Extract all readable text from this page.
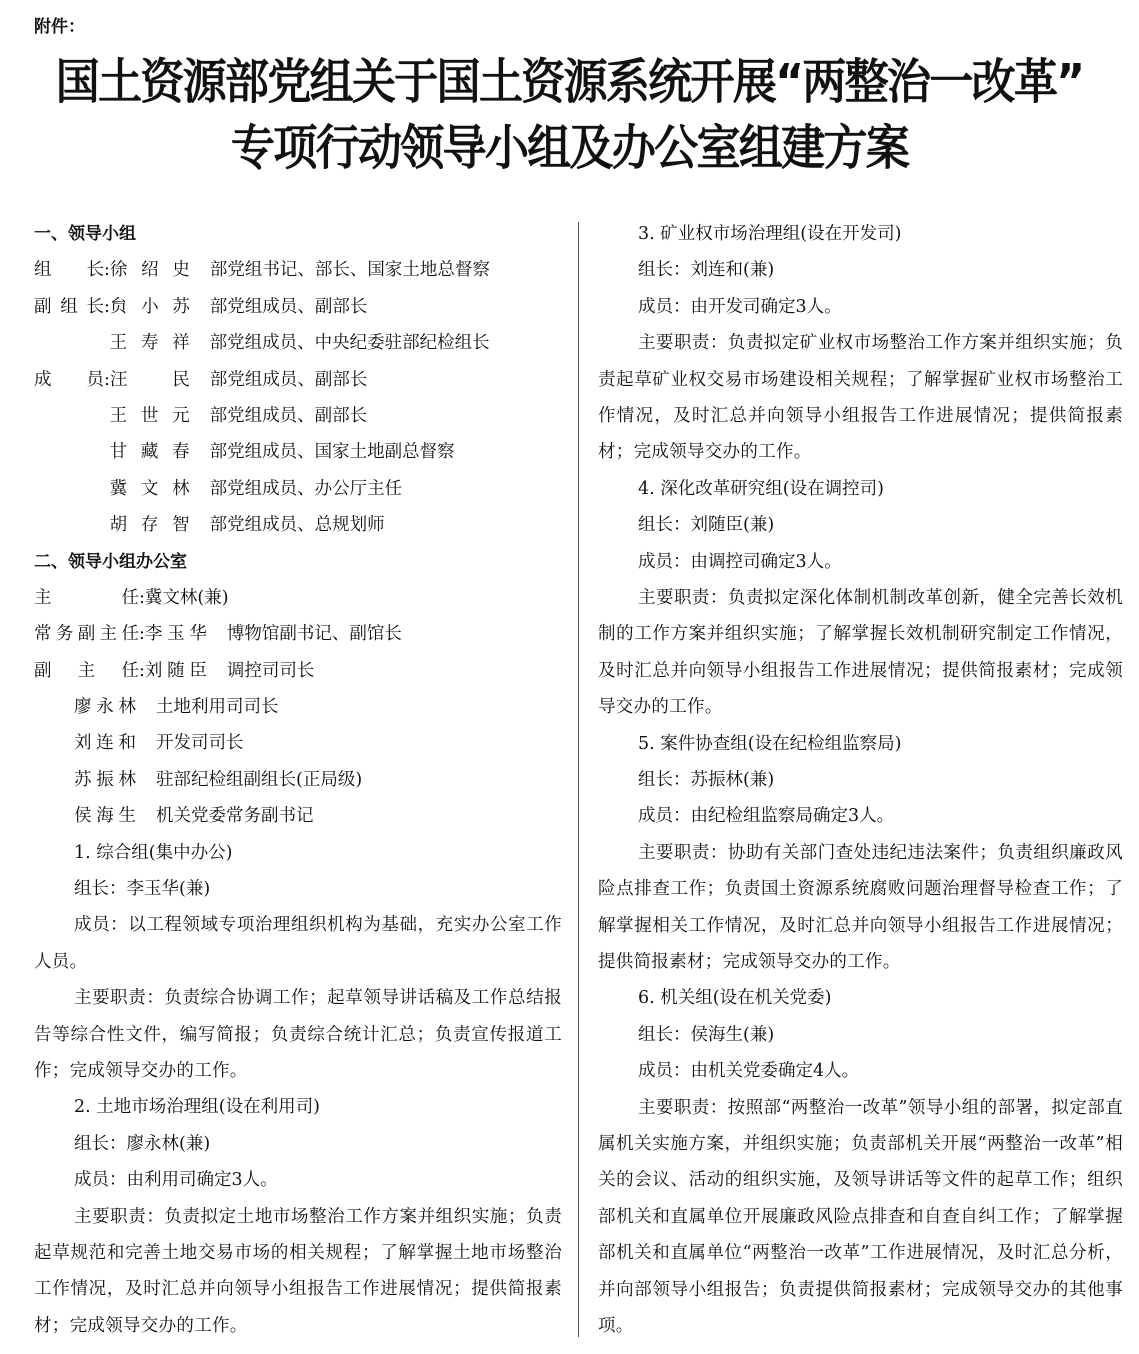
附件：
国土资源部党组关于国土资源系统开展“两整治一改革”
专项行动领导小组及办公室组建方案
一、领导小组
组　长:徐绍史 部党组书记、部长、国家土地总督察
副组长:贠小苏 部党组成员、副部长
王寿祥 部党组成员、中央纪委驻部纪检组长
成　员:汪　民 部党组成员、副部长
王世元 部党组成员、副部长
甘藏春 部党组成员、国家土地副总督察
冀文林 部党组成员、办公厅主任
胡存智 部党组成员、总规划师
二、领导小组办公室
主　　任:冀文林(兼)
常务副主任:李玉华 博物馆副书记、副馆长
副　主　任:刘随臣 调控司司长
廖永林 土地利用司司长
刘连和 开发司司长
苏振林 驻部纪检组副组长(正局级)
侯海生 机关党委常务副书记
1. 综合组(集中办公)
组长：李玉华(兼)

成员：以工程领域专项治理组织机构为基础，充实办公室工作人员。

主要职责：负责综合协调工作；起草领导讲话稿及工作总结报告等综合性文件，编写简报；负责综合统计汇总；负责宣传报道工作；完成领导交办的工作。

2. 土地市场治理组(设在利用司)
组长：廖永林(兼)
成员：由利用司确定3人。

主要职责：负责拟定土地市场整治工作方案并组织实施；负责起草规范和完善土地交易市场的相关规程；了解掌握土地市场整治工作情况，及时汇总并向领导小组报告工作进展情况；提供简报素材；完成领导交办的工作。

3. 矿业权市场治理组(设在开发司)
组长：刘连和(兼)
成员：由开发司确定3人。

主要职责：负责拟定矿业权市场整治工作方案并组织实施；负责起草矿业权交易市场建设相关规程；了解掌握矿业权市场整治工作情况，及时汇总并向领导小组报告工作进展情况；提供简报素材；完成领导交办的工作。

4. 深化改革研究组(设在调控司)
组长：刘随臣(兼)
成员：由调控司确定3人。

主要职责：负责拟定深化体制机制改革创新，健全完善长效机制的工作方案并组织实施；了解掌握长效机制研究制定工作情况，及时汇总并向领导小组报告工作进展情况；提供简报素材；完成领导交办的工作。

5. 案件协查组(设在纪检组监察局)
组长：苏振林(兼)
成员：由纪检组监察局确定3人。

主要职责：协助有关部门查处违纪违法案件；负责组织廉政风险点排查工作；负责国土资源系统腐败问题治理督导检查工作；了解掌握相关工作情况，及时汇总并向领导小组报告工作进展情况；提供简报素材；完成领导交办的工作。

6. 机关组(设在机关党委)
组长：侯海生(兼)
成员：由机关党委确定4人。

主要职责：按照部“两整治一改革”领导小组的部署，拟定部直属机关实施方案，并组织实施；负责部机关开展“两整治一改革”相关的会议、活动的组织实施，及领导讲话等文件的起草工作；组织部机关和直属单位开展廉政风险点排查和自查自纠工作；了解掌握部机关和直属单位“两整治一改革”工作进展情况，及时汇总分析，并向部领导小组报告；负责提供简报素材；完成领导交办的其他事项。
